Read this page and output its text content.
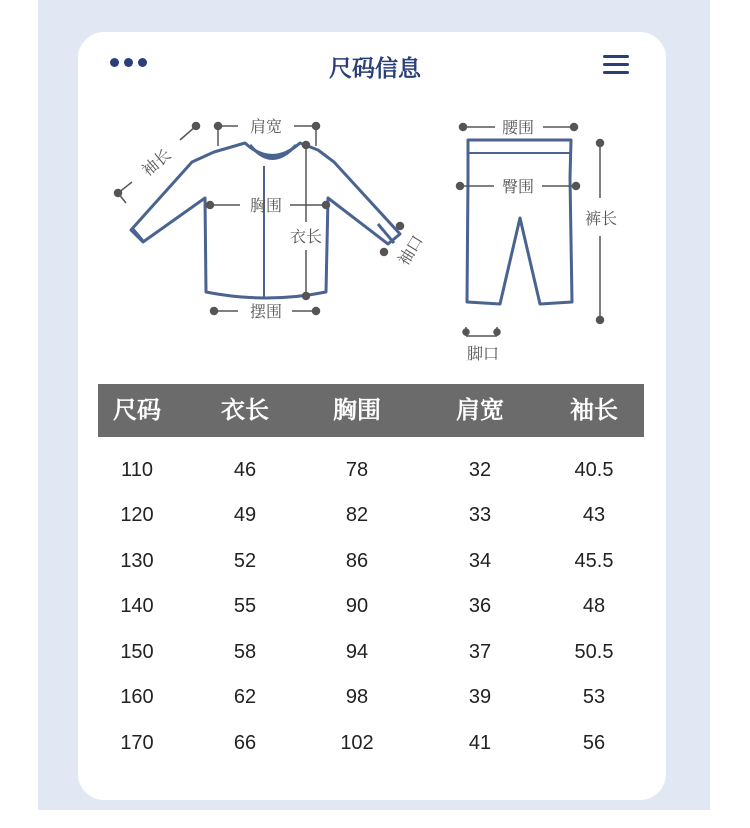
尺码信息
肩宽
袖长
胸围
衣长	袖口
摆围
腰围
臀围
裤长
脚口
尺码	衣长	胸围	肩宽	袖长
110	46	78	32	40.5
120	49	82	33	43
130	52	86	34	45.5
140	55	90	36	48
150	58	94	37	50.5
160	62	98	39	53
170	66	102	41	56
